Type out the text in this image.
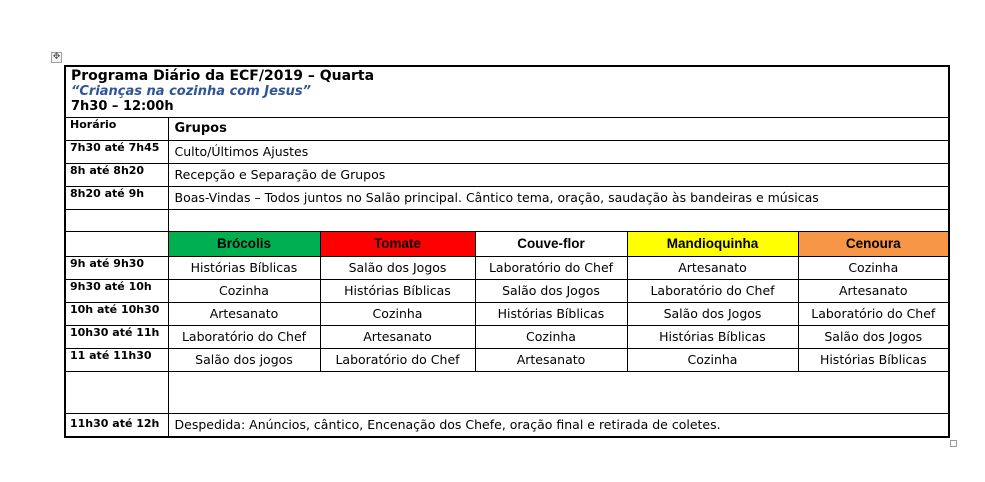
✥
Programa Diário da ECF/2019 – Quarta
“Crianças na cozinha com Jesus”
7h30 – 12:00h					

Horário	Grupos				
7h30 até 7h45	Culto/Últimos Ajustes				
8h até 8h20	Recepção e Separação de Grupos				
8h20 até 9h	Boas-Vindas – Todos juntos no Salão principal. Cântico tema, oração, saudação às bandeiras e músicas				

	Brócolis	Tomate	Couve-flor	Mandioquinha	Cenoura
9h até 9h30	Histórias Bíblicas	Salão dos Jogos	Laboratório do Chef	Artesanato	Cozinha
9h30 até 10h	Cozinha	Histórias Bíblicas	Salão dos Jogos	Laboratório do Chef	Artesanato
10h até 10h30	Artesanato	Cozinha	Histórias Bíblicas	Salão dos Jogos	Laboratório do Chef
10h30 até 11h	Laboratório do Chef	Artesanato	Cozinha	Histórias Bíblicas	Salão dos Jogos
11 até 11h30	Salão dos jogos	Laboratório do Chef	Artesanato	Cozinha	Histórias Bíblicas

11h30 até 12h	Despedida: Anúncios, cântico, Encenação dos Chefe, oração final e retirada de coletes.				
